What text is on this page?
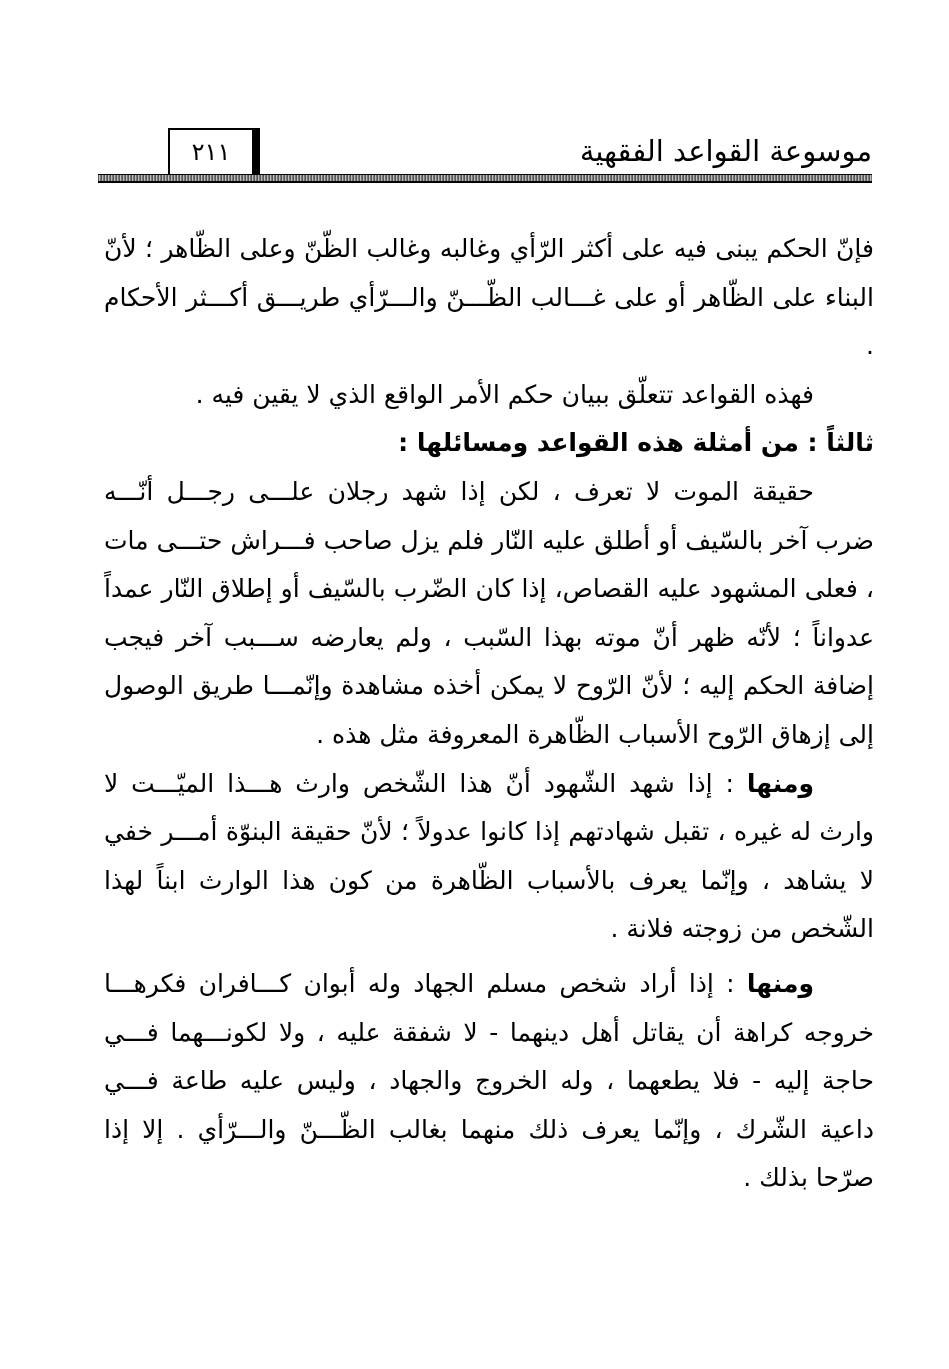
موسوعة القواعد الفقهية
٢١١

فإنّ الحكم يبنى فيه على أكثر الرّأي وغالبه وغالب الظّنّ وعلى الظّاهر ؛ لأنّ البناء على الظّاهر أو على غـــالب الظّـــنّ والـــرّأي طريـــق أكـــثر الأحكام .

فهذه القواعد تتعلّق ببيان حكم الأمر الواقع الذي لا يقين فيه .

ثالثاً : من أمثلة هذه القواعد ومسائلها :

حقيقة الموت لا تعرف ، لكن إذا شهد رجلان علـــى رجـــل أنّـــه ضرب آخر بالسّيف أو أطلق عليه النّار فلم يزل صاحب فـــراش حتـــى مات ، فعلى المشهود عليه القصاص، إذا كان الضّرب بالسّيف أو إطلاق النّار عمداً عدواناً ؛ لأنّه ظهر أنّ موته بهذا السّبب ، ولم يعارضه ســـبب آخر فيجب إضافة الحكم إليه ؛ لأنّ الرّوح لا يمكن أخذه مشاهدة وإنّمـــا طريق الوصول إلى إزهاق الرّوح الأسباب الظّاهرة المعروفة مثل هذه .

ومنها : إذا شهد الشّهود أنّ هذا الشّخص وارث هـــذا الميّـــت لا وارث له غيره ، تقبل شهادتهم إذا كانوا عدولاً ؛ لأنّ حقيقة البنوّة أمـــر خفي لا يشاهد ، وإنّما يعرف بالأسباب الظّاهرة من كون هذا الوارث ابناً لهذا الشّخص من زوجته فلانة .

ومنها : إذا أراد شخص مسلم الجهاد وله أبوان كـــافران فكرهـــا خروجه كراهة أن يقاتل أهل دينهما - لا شفقة عليه ، ولا لكونـــهما فـــي حاجة إليه - فلا يطعهما ، وله الخروج والجهاد ، وليس عليه طاعة فـــي داعية الشّرك ، وإنّما يعرف ذلك منهما بغالب الظّـــنّ والـــرّأي . إلا إذا صرّحا بذلك .
